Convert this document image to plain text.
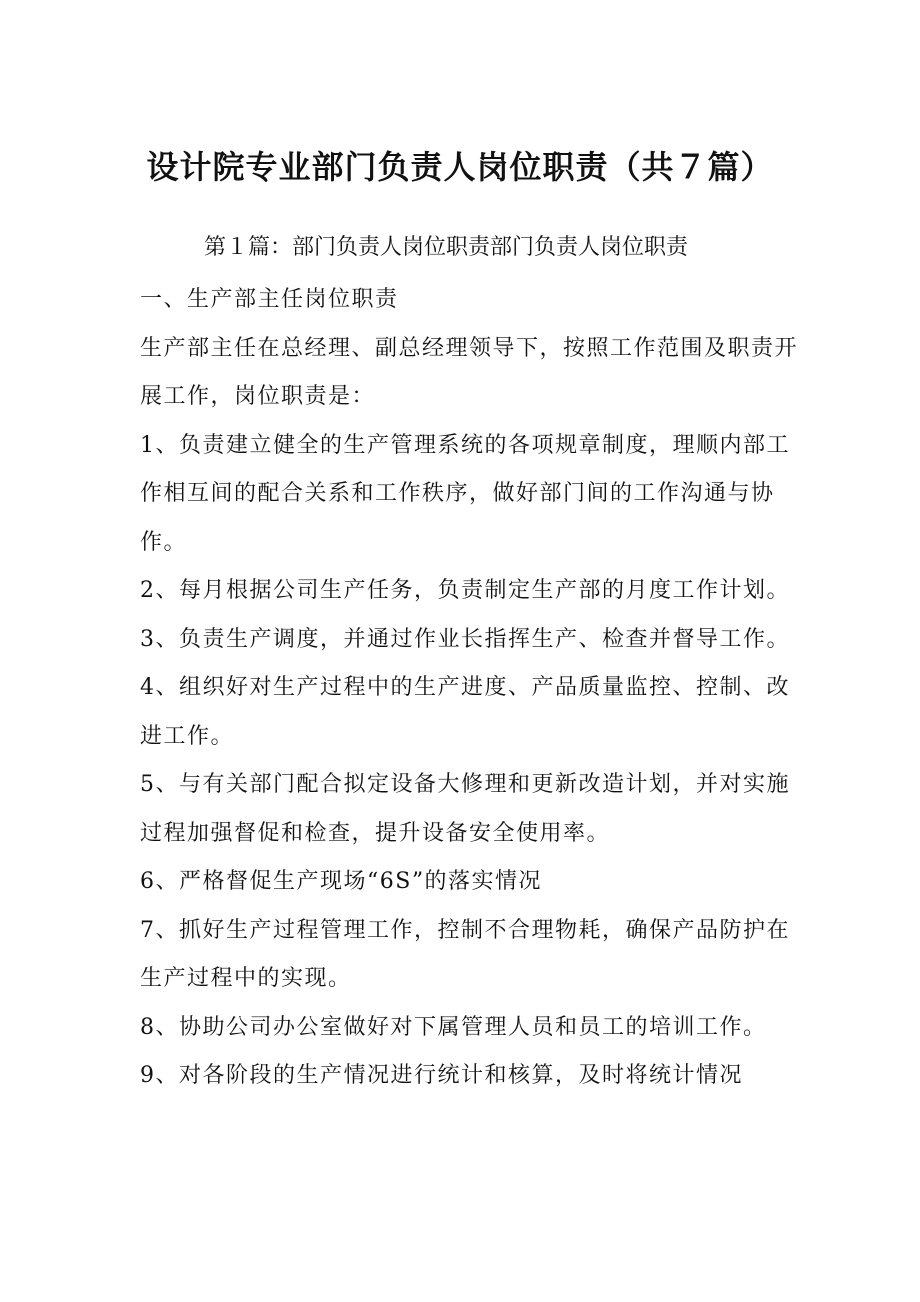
设计院专业部门负责人岗位职责（共７篇）

第１篇：部门负责人岗位职责部门负责人岗位职责

一、生产部主任岗位职责

生产部主任在总经理、副总经理领导下，按照工作范围及职责开展工作，岗位职责是：

1、负责建立健全的生产管理系统的各项规章制度，理顺内部工作相互间的配合关系和工作秩序，做好部门间的工作沟通与协作。

2、每月根据公司生产任务，负责制定生产部的月度工作计划。

3、负责生产调度，并通过作业长指挥生产、检查并督导工作。

4、组织好对生产过程中的生产进度、产品质量监控、控制、改进工作。

5、与有关部门配合拟定设备大修理和更新改造计划，并对实施过程加强督促和检查，提升设备安全使用率。

6、严格督促生产现场“6S”的落实情况

7、抓好生产过程管理工作，控制不合理物耗，确保产品防护在生产过程中的实现。

8、协助公司办公室做好对下属管理人员和员工的培训工作。

9、对各阶段的生产情况进行统计和核算，及时将统计情况
